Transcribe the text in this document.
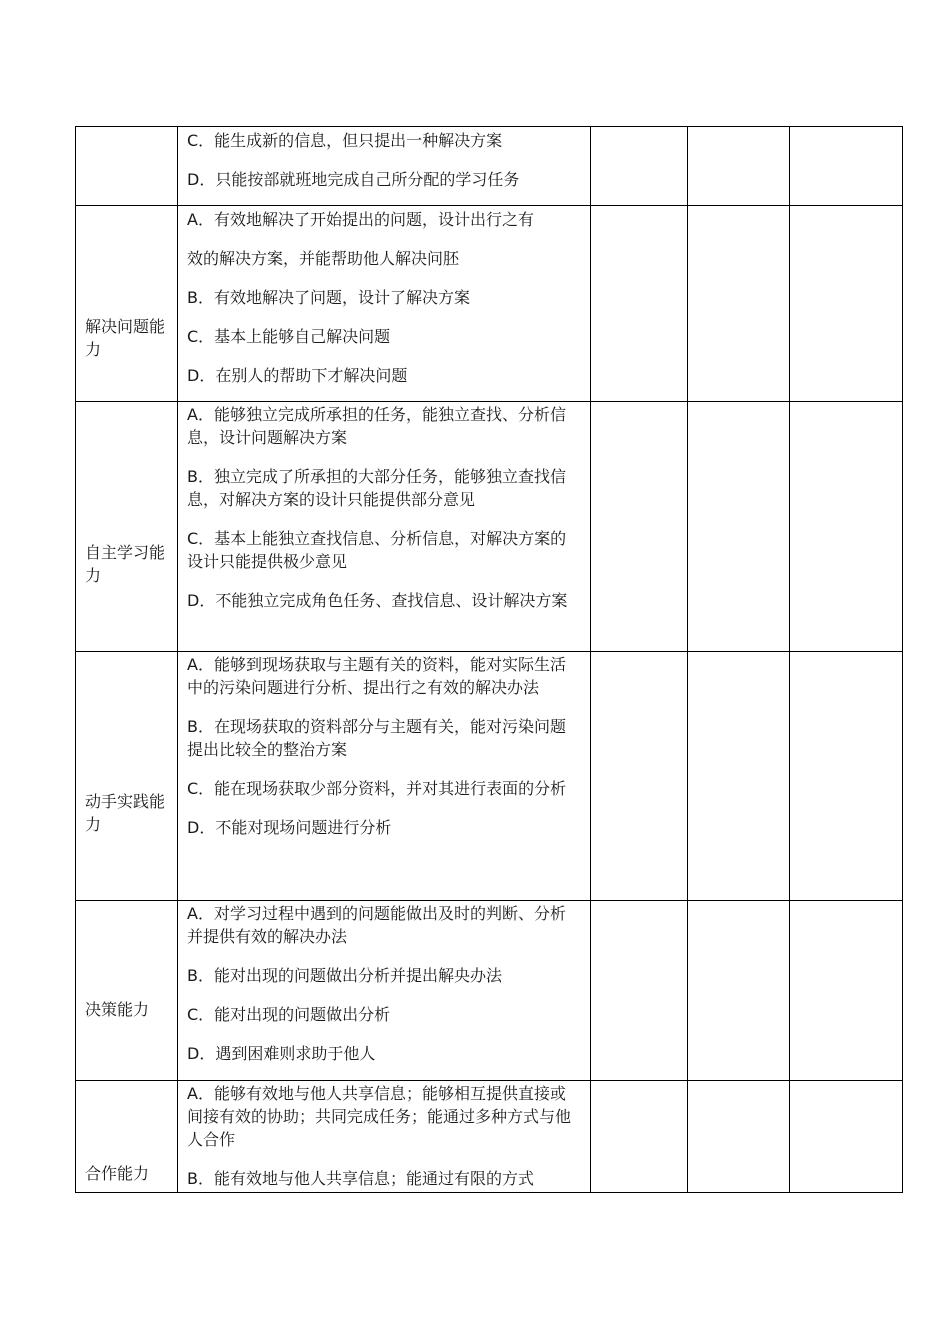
	C．能生成新的信息，但只提出一种解决方案

D．只能按部就班地完成自己所分配的学习任务			

解决问题能力	A．有效地解决了开始提出的问题，设计出行之有

效的解决方案，并能帮助他人解决问胚

B．有效地解决了问题，设计了解决方案

C．基本上能够自己解决问题

D．在别人的帮助下才解决问题			

自主学习能力	A．能够独立完成所承担的任务，能独立查找、分析信息，设计问题解决方案

B．独立完成了所承担的大部分任务，能够独立查找信息，对解决方案的设计只能提供部分意见

C．基本上能独立查找信息、分析信息，对解决方案的设计只能提供极少意见

D．不能独立完成角色任务、查找信息、设计解决方案			

动手实践能力	A．能够到现场获取与主题有关的资料，能对实际生活中的污染问题进行分析、提出行之有效的解决办法

B．在现场获取的资料部分与主题有关，能对污染问题提出比较全的整治方案

C．能在现场获取少部分资料，并对其进行表面的分析

D．不能对现场问题进行分析			

决策能力	A．对学习过程中遇到的问题能做出及时的判断、分析并提供有效的解决办法

B．能对出现的问题做出分析并提出解央办法

C．能对出现的问题做出分析

D．遇到困难则求助于他人			

合作能力	A．能够有效地与他人共享信息；能够相互提供直接或间接有效的协助；共同完成任务；能通过多种方式与他人合作

B．能有效地与他人共享信息；能通过有限的方式			
